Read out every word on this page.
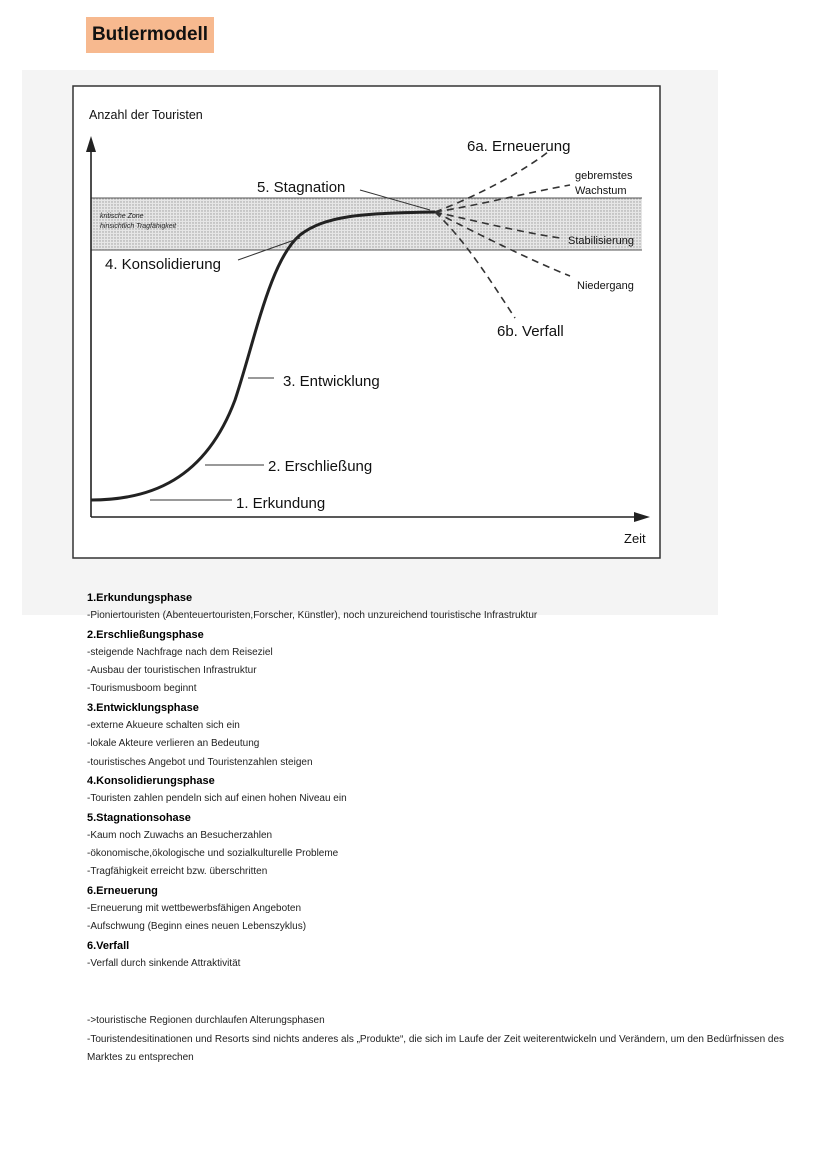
Butlermodell
kritische Zone
hinsichtlich Tragfähigkeit
Anzahl der Touristen
Zeit
1. Erkundung
2. Erschließung
3. Entwicklung
4. Konsolidierung
5. Stagnation
6a. Erneuerung
6b. Verfall
gebremstes
Wachstum
Stabilisierung
Niedergang
1.Erkundungsphase
-Pioniertouristen (Abenteuertouristen,Forscher, Künstler), noch unzureichend touristische Infrastruktur
2.Erschließungsphase
-steigende Nachfrage nach dem Reiseziel
-Ausbau der touristischen Infrastruktur
-Tourismusboom beginnt
3.Entwicklungsphase
-externe Akueure schalten sich ein
-lokale Akteure verlieren an Bedeutung
-touristisches Angebot und Touristenzahlen steigen
4.Konsolidierungsphase
-Touristen zahlen pendeln sich auf einen hohen Niveau ein
5.Stagnationsohase
-Kaum noch Zuwachs an Besucherzahlen
-ökonomische,ökologische und sozialkulturelle Probleme
-Tragfähigkeit erreicht bzw. überschritten
6.Erneuerung
-Erneuerung mit wettbewerbsfähigen Angeboten
-Aufschwung (Beginn eines neuen Lebenszyklus)
6.Verfall
-Verfall durch sinkende Attraktivität
->touristische Regionen durchlaufen Alterungsphasen
-Touristendesitinationen und Resorts sind nichts anderes als „Produkte“, die sich im Laufe der Zeit weiterentwickeln und Verändern, um den Bedürfnissen des Marktes zu entsprechen
